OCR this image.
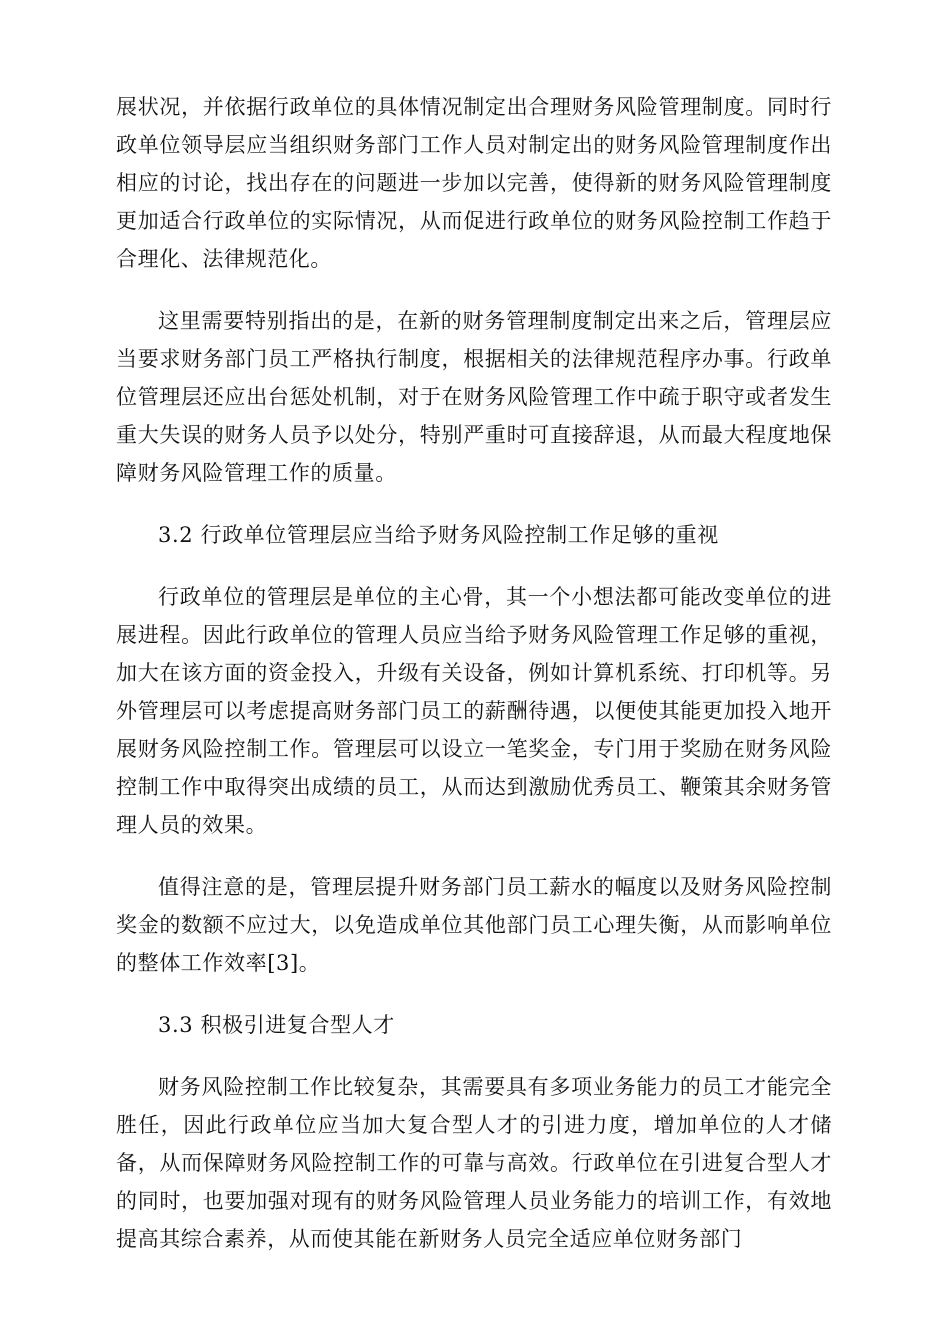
展状况，并依据行政单位的具体情况制定出合理财务风险管理制度。同时行政单位领导层应当组织财务部门工作人员对制定出的财务风险管理制度作出相应的讨论，找出存在的问题进一步加以完善，使得新的财务风险管理制度更加适合行政单位的实际情况，从而促进行政单位的财务风险控制工作趋于合理化、法律规范化。

这里需要特别指出的是，在新的财务管理制度制定出来之后，管理层应当要求财务部门员工严格执行制度，根据相关的法律规范程序办事。行政单位管理层还应出台惩处机制，对于在财务风险管理工作中疏于职守或者发生重大失误的财务人员予以处分，特别严重时可直接辞退，从而最大程度地保障财务风险管理工作的质量。

3.2 行政单位管理层应当给予财务风险控制工作足够的重视

行政单位的管理层是单位的主心骨，其一个小想法都可能改变单位的进展进程。因此行政单位的管理人员应当给予财务风险管理工作足够的重视，加大在该方面的资金投入，升级有关设备，例如计算机系统、打印机等。另外管理层可以考虑提高财务部门员工的薪酬待遇，以便使其能更加投入地开展财务风险控制工作。管理层可以设立一笔奖金，专门用于奖励在财务风险控制工作中取得突出成绩的员工，从而达到激励优秀员工、鞭策其余财务管理人员的效果。

值得注意的是，管理层提升财务部门员工薪水的幅度以及财务风险控制奖金的数额不应过大，以免造成单位其他部门员工心理失衡，从而影响单位的整体工作效率[3]。

3.3 积极引进复合型人才

财务风险控制工作比较复杂，其需要具有多项业务能力的员工才能完全胜任，因此行政单位应当加大复合型人才的引进力度，增加单位的人才储备，从而保障财务风险控制工作的可靠与高效。行政单位在引进复合型人才的同时，也要加强对现有的财务风险管理人员业务能力的培训工作，有效地提高其综合素养，从而使其能在新财务人员完全适应单位财务部门
